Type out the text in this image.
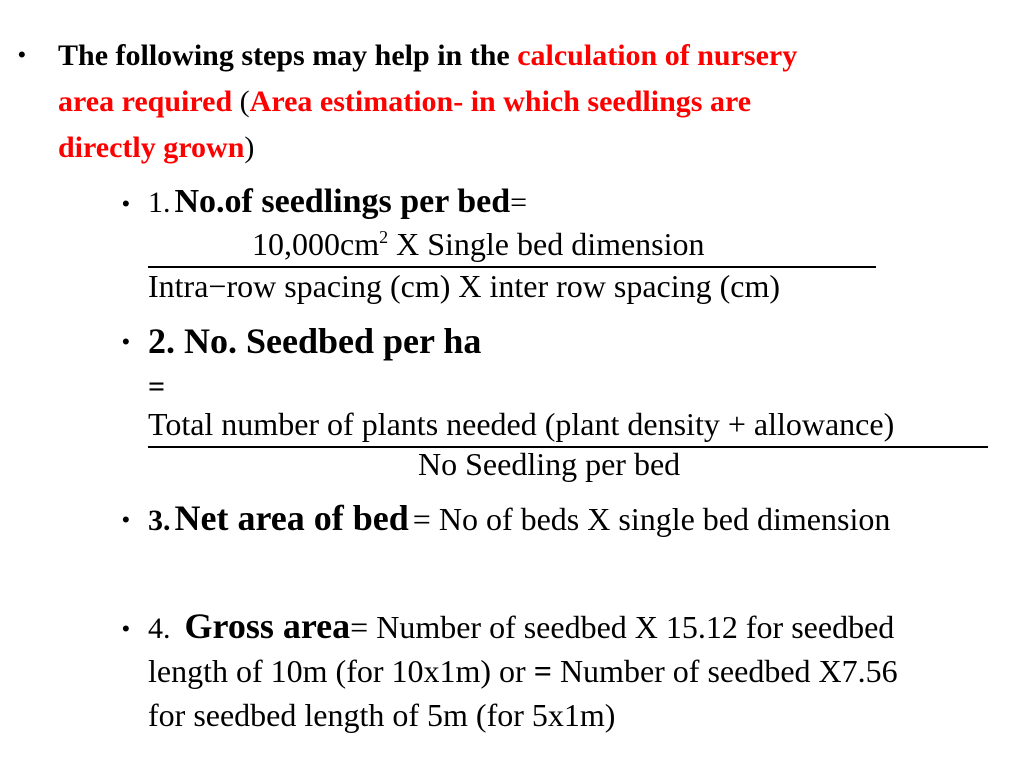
• The following steps may help in the calculation of nursery
area required (Area estimation- in which seedlings are
directly grown)
• 1. No.of seedlings per bed=
$10,000cm^2$ X Single bed dimension
Intra−row spacing (cm) X inter row spacing (cm)
• 2. No. Seedbed per ha
=
Total number of plants needed (plant density + allowance)
No Seedling per bed
• 3. Net area of bed = No of beds X single bed dimension
• 4. Gross area= Number of seedbed X 15.12 for seedbed
length of 10m (for 10x1m) or = Number of seedbed X7.56
for seedbed length of 5m (for 5x1m)
